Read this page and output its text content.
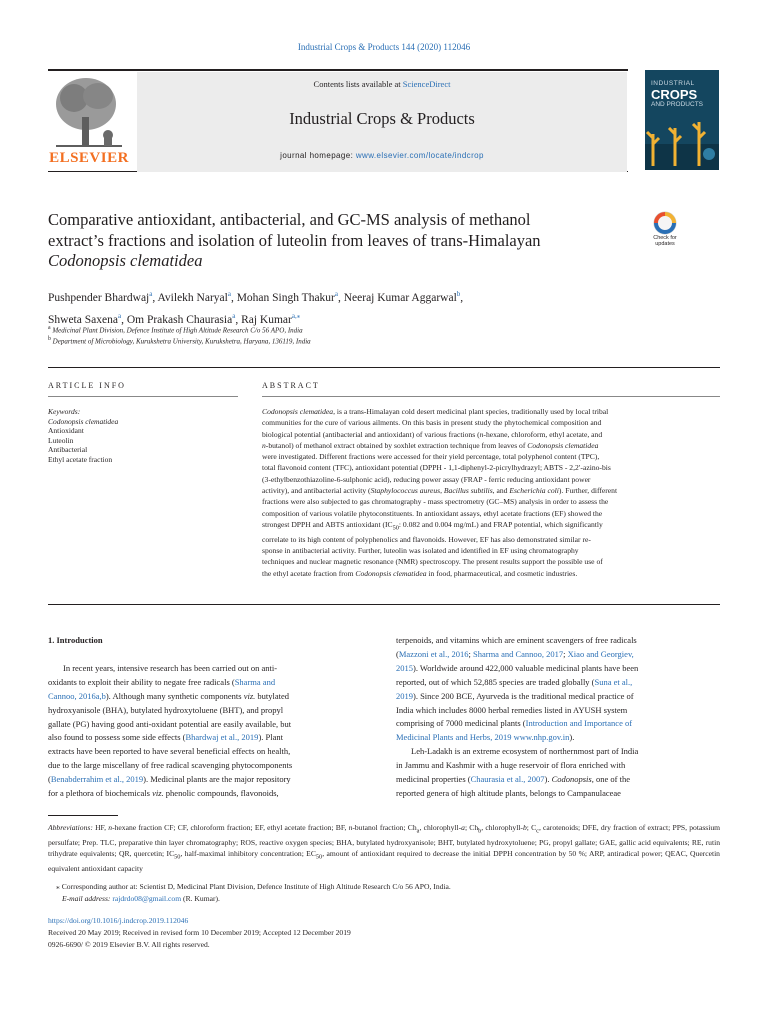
Industrial Crops & Products 144 (2020) 112046
Contents lists available at ScienceDirect
Industrial Crops & Products
journal homepage: www.elsevier.com/locate/indcrop
ELSEVIER
INDUSTRIAL
CROPS
AND PRODUCTS
Comparative antioxidant, antibacterial, and GC-MS analysis of methanol
extract’s fractions and isolation of luteolin from leaves of trans-Himalayan
Codonopsis clematidea
Check for
updates
Pushpender Bhardwaj$^a$, Avilekh Naryal$^a$, Mohan Singh Thakur$^a$, Neeraj Kumar Aggarwal$^b$,
Shweta Saxena$^a$, Om Prakash Chaurasia$^a$, Raj Kumar$^{a,⁎}$
$^a$ Medicinal Plant Division, Defence Institute of High Altitude Research C/o 56 APO, India
$^b$ Department of Microbiology, Kurukshetra University, Kurukshetra, Haryana, 136119, India
ARTICLE INFO	ABSTRACT
Keywords:
Codonopsis clematidea
Antioxidant
Luteolin
Antibacterial
Ethyl acetate fraction
Codonopsis clematidea, is a trans-Himalayan cold desert medicinal plant species, traditionally used by local tribal
communities for the cure of various ailments. On this basis in present study the phytochemical composition and
biological potential (antibacterial and antioxidant) of various fractions (n-hexane, chloroform, ethyl acetate, and
n-butanol) of methanol extract obtained by soxhlet extraction technique from leaves of Codonopsis clematidea
were investigated. Different fractions were accessed for their yield percentage, total polyphenol content (TPC),
total flavonoid content (TFC), antioxidant potential (DPPH - 1,1-diphenyl-2-picrylhydrazyl; ABTS - 2,2′-azino-bis
(3-ethylbenzothiazoline-6-sulphonic acid), reducing power assay (FRAP - ferric reducing antioxidant power
activity), and antibacterial activity (Staphylococcus aureus, Bacillus subtilis, and Escherichia coli). Further, different
fractions were also subjected to gas chromatography - mass spectrometry (GC–MS) analysis in order to assess the
composition of various volatile phytoconstituents. In antioxidant assays, ethyl acetate fractions (EF) showed the
strongest DPPH and ABTS antioxidant ($IC_{50}$: 0.082 and 0.004 mg/mL) and FRAP potential, which significantly
correlate to its high content of polyphenolics and flavonoids. However, EF has also demonstrated similar re-
sponse in antibacterial activity. Further, luteolin was isolated and identified in EF using chromatography
techniques and nuclear magnetic resonance (NMR) spectroscopy. The present results support the possible use of
the ethyl acetate fraction from Codonopsis clematidea in food, pharmaceutical, and cosmetic industries.
1. Introduction
In recent years, intensive research has been carried out on anti-
oxidants to exploit their ability to negate free radicals (Sharma and
Cannoo, 2016a,b). Although many synthetic components viz. butylated
hydroxyanisole (BHA), butylated hydroxytoluene (BHT), and propyl
gallate (PG) having good anti-oxidant potential are easily available, but
also found to possess some side effects (Bhardwaj et al., 2019). Plant
extracts have been reported to have several beneficial effects on health,
due to the large miscellany of free radical scavenging phytocomponents
(Benabderrahim et al., 2019). Medicinal plants are the major repository
for a plethora of biochemicals viz. phenolic compounds, flavonoids,
terpenoids, and vitamins which are eminent scavengers of free radicals
(Mazzoni et al., 2016; Sharma and Cannoo, 2017; Xiao and Georgiev,
2015). Worldwide around 422,000 valuable medicinal plants have been
reported, out of which 52,885 species are traded globally (Suna et al.,
2019). Since 200 BCE, Ayurveda is the traditional medical practice of
India which includes 8000 herbal remedies listed in AYUSH system
comprising of 7000 medicinal plants (Introduction and Importance of
Medicinal Plants and Herbs, 2019 www.nhp.gov.in).
Leh-Ladakh is an extreme ecosystem of northernmost part of India
in Jammu and Kashmir with a huge reservoir of flora enriched with
medicinal properties (Chaurasia et al., 2007). Codonopsis, one of the
reported genera of high altitude plants, belongs to Campanulaceae
Abbreviations: HF, n-hexane fraction CF; CF, chloroform fraction; EF, ethyl acetate fraction; BF, n-butanol fraction; $Ch_a$, chlorophyll-a; $Ch_b$, chlorophyll-b; $C_c$, carotenoids; DFE, dry fraction of extract; PPS, potassium persulfate; Prep. TLC, preparative thin layer chromatography; ROS, reactive oxygen species; BHA, butylated hydroxyanisole; BHT, butylated hydroxytoluene; PG, propyl gallate; GAE, gallic acid equivalents; RE, rutin trihydrate equivalents; QR, quercetin; $IC_{50}$, half-maximal inhibitory concentration; $EC_{50}$, amount of antioxidant required to decrease the initial DPPH concentration by 50 %; ARP, antiradical power; QEAC, Quercetin equivalent antioxidant capacity
⁎ Corresponding author at: Scientist D, Medicinal Plant Division, Defence Institute of High Altitude Research C/o 56 APO, India.
E-mail address: rajdrdo08@gmail.com (R. Kumar).
https://doi.org/10.1016/j.indcrop.2019.112046
Received 20 May 2019; Received in revised form 10 December 2019; Accepted 12 December 2019
0926-6690/ © 2019 Elsevier B.V. All rights reserved.
